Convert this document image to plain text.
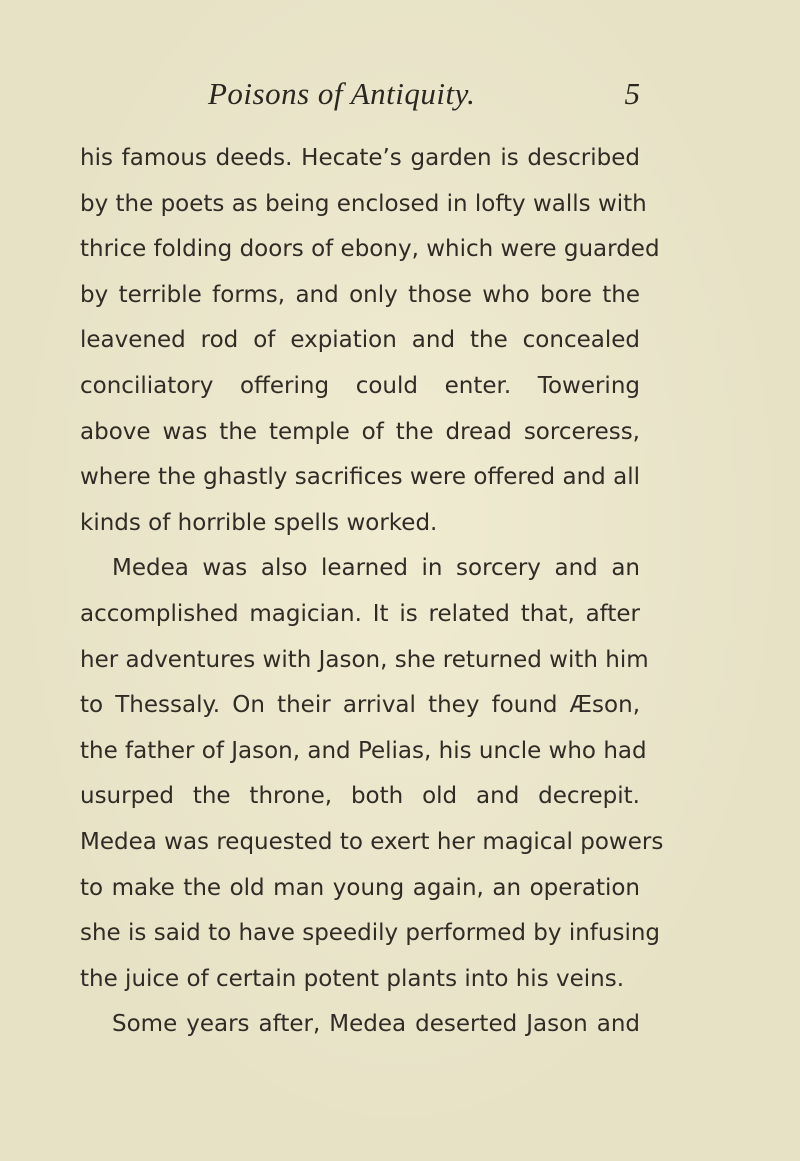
Poisons of Antiquity.	5
his famous deeds. Hecate’s garden is described
by the poets as being enclosed in lofty walls with
thrice folding doors of ebony, which were guarded
by terrible forms, and only those who bore the
leavened rod of expiation and the concealed
conciliatory offering could enter. Towering
above was the temple of the dread sorceress,
where the ghastly sacrifices were offered and all
kinds of horrible spells worked.
Medea was also learned in sorcery and an
accomplished magician. It is related that, after
her adventures with Jason, she returned with him
to Thessaly. On their arrival they found Æson,
the father of Jason, and Pelias, his uncle who had
usurped the throne, both old and decrepit.
Medea was requested to exert her magical powers
to make the old man young again, an operation
she is said to have speedily performed by infusing
the juice of certain potent plants into his veins.
Some years after, Medea deserted Jason and
